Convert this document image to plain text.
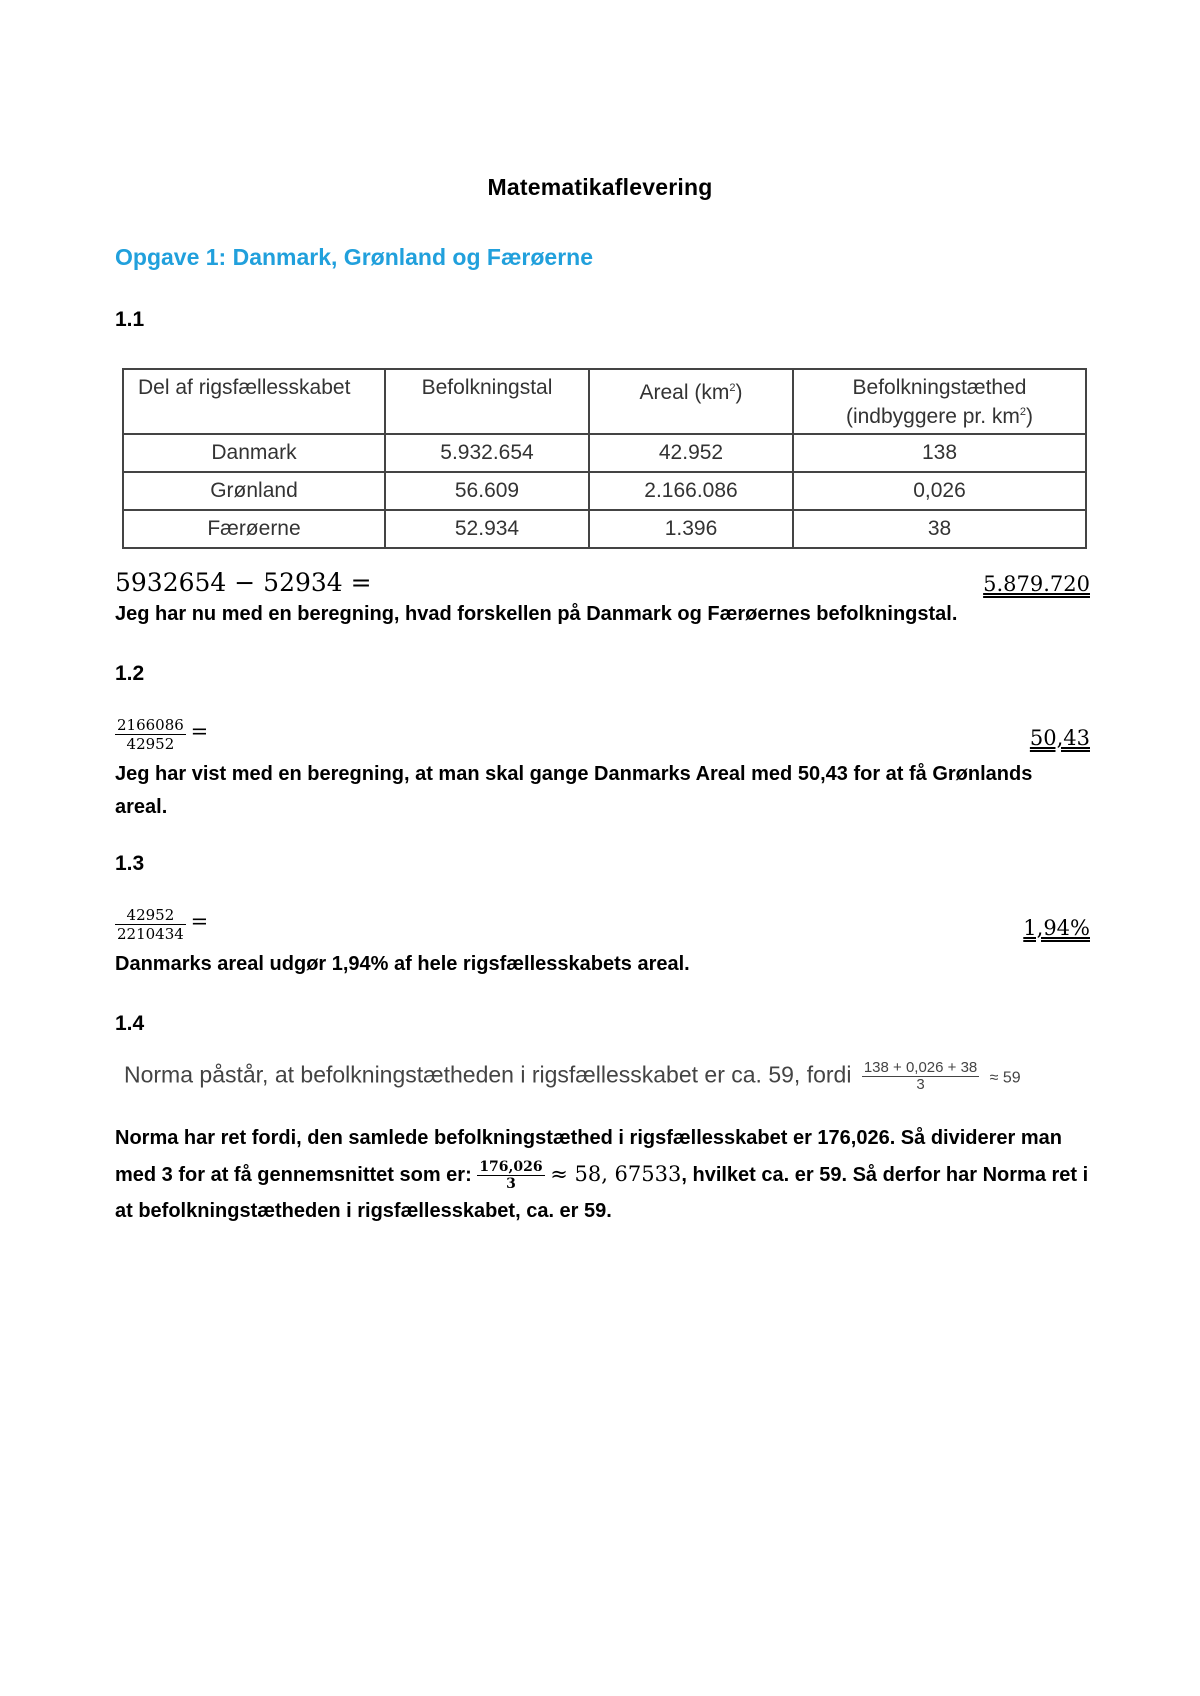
Matematikaflevering
Opgave 1: Danmark, Grønland og Færøerne
1.1
Del af rigsfællesskabet	Befolkningstal	Areal $(km^2)$	Befolkningstæthed
(indbyggere pr. $km^2$)
Danmark	5.932.654	42.952	138
Grønland	56.609	2.166.086	0,026
Færøerne	52.934	1.396	38
5932654 − 52934 =	5.879.720
Jeg har nu med en beregning, hvad forskellen på Danmark og Færøernes befolkningstal.
1.2
$\frac{2166086}{42952}$ =	50,43
Jeg har vist med en beregning, at man skal gange Danmarks Areal med 50,43 for at få Grønlands areal.
1.3
$\frac{42952}{2210434}$ =	1,94%
Danmarks areal udgør 1,94% af hele rigsfællesskabets areal.
1.4
Norma påstår, at befolkningstætheden i rigsfællesskabet er ca. 59, fordi $\frac{138 + 0,026 + 38}{3} \approx 59$
Norma har ret fordi, den samlede befolkningstæthed i rigsfællesskabet er 176,026. Så dividerer man med 3 for at få gennemsnittet som er: $\frac{176,026}{3} \approx 58$, 67533, hvilket ca. er 59. Så derfor har Norma ret i at befolkningstætheden i rigsfællesskabet, ca. er 59.
